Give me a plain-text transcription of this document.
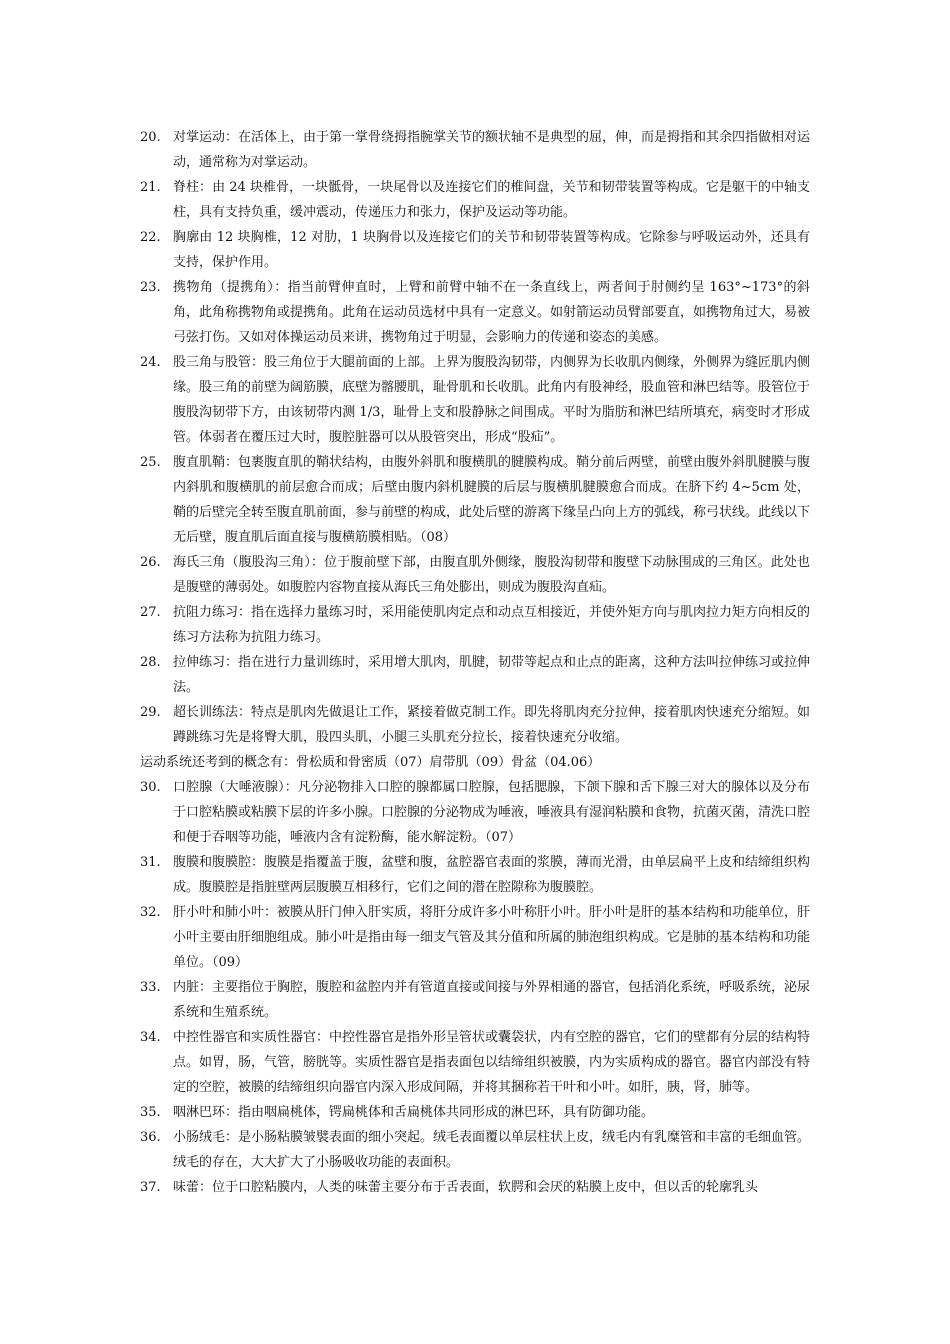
20. 对掌运动：在活体上，由于第一掌骨绕拇指腕掌关节的额状轴不是典型的屈，伸，而是拇指和其余四指做相对运动，通常称为对掌运动。
21. 脊柱：由 24 块椎骨，一块骶骨，一块尾骨以及连接它们的椎间盘，关节和韧带装置等构成。它是躯干的中轴支柱，具有支持负重，缓冲震动，传递压力和张力，保护及运动等功能。
22. 胸廓由 12 块胸椎，12 对肋，1 块胸骨以及连接它们的关节和韧带装置等构成。它除参与呼吸运动外，还具有支持，保护作用。
23. 携物角（提携角）：指当前臂伸直时，上臂和前臂中轴不在一条直线上，两者间于肘侧约呈 163°~173°的斜角，此角称携物角或提携角。此角在运动员选材中具有一定意义。如射箭运动员臂部要直，如携物角过大，易被弓弦打伤。又如对体操运动员来讲，携物角过于明显，会影响力的传递和姿态的美感。
24. 股三角与股管：股三角位于大腿前面的上部。上界为腹股沟韧带，内侧界为长收肌内侧缘，外侧界为缝匠肌内侧缘。股三角的前壁为阔筋膜，底壁为髂腰肌，耻骨肌和长收肌。此角内有股神经，股血管和淋巴结等。股管位于腹股沟韧带下方，由该韧带内测 1/3，耻骨上支和股静脉之间围成。平时为脂肪和淋巴结所填充，病变时才形成管。体弱者在覆压过大时，腹腔脏器可以从股管突出，形成“股疝”。
25. 腹直肌鞘：包裹腹直肌的鞘状结构，由腹外斜肌和腹横肌的腱膜构成。鞘分前后两壁，前壁由腹外斜肌腱膜与腹内斜肌和腹横肌的前层愈合而成；后壁由腹内斜机腱膜的后层与腹横肌腱膜愈合而成。在脐下约 4~5cm 处，鞘的后壁完全转至腹直肌前面，参与前壁的构成，此处后壁的游离下缘呈凸向上方的弧线，称弓状线。此线以下无后壁，腹直肌后面直接与腹横筋膜相贴。（08）
26. 海氏三角（腹股沟三角）：位于腹前壁下部，由腹直肌外侧缘，腹股沟韧带和腹壁下动脉围成的三角区。此处也是腹壁的薄弱处。如腹腔内容物直接从海氏三角处膨出，则成为腹股沟直疝。
27. 抗阻力练习：指在选择力量练习时，采用能使肌肉定点和动点互相接近，并使外矩方向与肌肉拉力矩方向相反的练习方法称为抗阻力练习。
28. 拉伸练习：指在进行力量训练时，采用增大肌肉，肌腱，韧带等起点和止点的距离，这种方法叫拉伸练习或拉伸法。
29. 超长训练法：特点是肌肉先做退让工作，紧接着做克制工作。即先将肌肉充分拉伸，接着肌肉快速充分缩短。如蹲跳练习先是将臀大肌，股四头肌，小腿三头肌充分拉长，接着快速充分收缩。
运动系统还考到的概念有：骨松质和骨密质（07）肩带肌（09）骨盆（04.06）
30. 口腔腺（大唾液腺）：凡分泌物排入口腔的腺都属口腔腺，包括腮腺，下颌下腺和舌下腺三对大的腺体以及分布于口腔粘膜或粘膜下层的许多小腺。口腔腺的分泌物成为唾液，唾液具有湿润粘膜和食物，抗菌灭菌，清洗口腔和便于吞咽等功能，唾液内含有淀粉酶，能水解淀粉。（07）
31. 腹膜和腹膜腔：腹膜是指覆盖于腹，盆壁和腹，盆腔器官表面的浆膜，薄而光滑，由单层扁平上皮和结缔组织构成。腹膜腔是指脏壁两层腹膜互相移行，它们之间的潜在腔隙称为腹膜腔。
32. 肝小叶和肺小叶：被膜从肝门伸入肝实质，将肝分成许多小叶称肝小叶。肝小叶是肝的基本结构和功能单位，肝小叶主要由肝细胞组成。肺小叶是指由每一细支气管及其分值和所属的肺泡组织构成。它是肺的基本结构和功能单位。（09）
33. 内脏：主要指位于胸腔，腹腔和盆腔内并有管道直接或间接与外界相通的器官，包括消化系统，呼吸系统，泌尿系统和生殖系统。
34. 中控性器官和实质性器官：中控性器官是指外形呈管状或囊袋状，内有空腔的器官，它们的壁都有分层的结构特点。如胃，肠，气管，膀胱等。实质性器官是指表面包以结缔组织被膜，内为实质构成的器官。器官内部没有特定的空腔，被膜的结缔组织向器官内深入形成间隔，并将其捆称若干叶和小叶。如肝，胰，肾，肺等。
35. 咽淋巴环：指由咽扁桃体，锷扁桃体和舌扁桃体共同形成的淋巴环，具有防御功能。
36. 小肠绒毛：是小肠粘膜皱襞表面的细小突起。绒毛表面覆以单层柱状上皮，绒毛内有乳糜管和丰富的毛细血管。绒毛的存在，大大扩大了小肠吸收功能的表面积。
37. 味蕾：位于口腔粘膜内，人类的味蕾主要分布于舌表面，软腭和会厌的粘膜上皮中，但以舌的轮廓乳头
